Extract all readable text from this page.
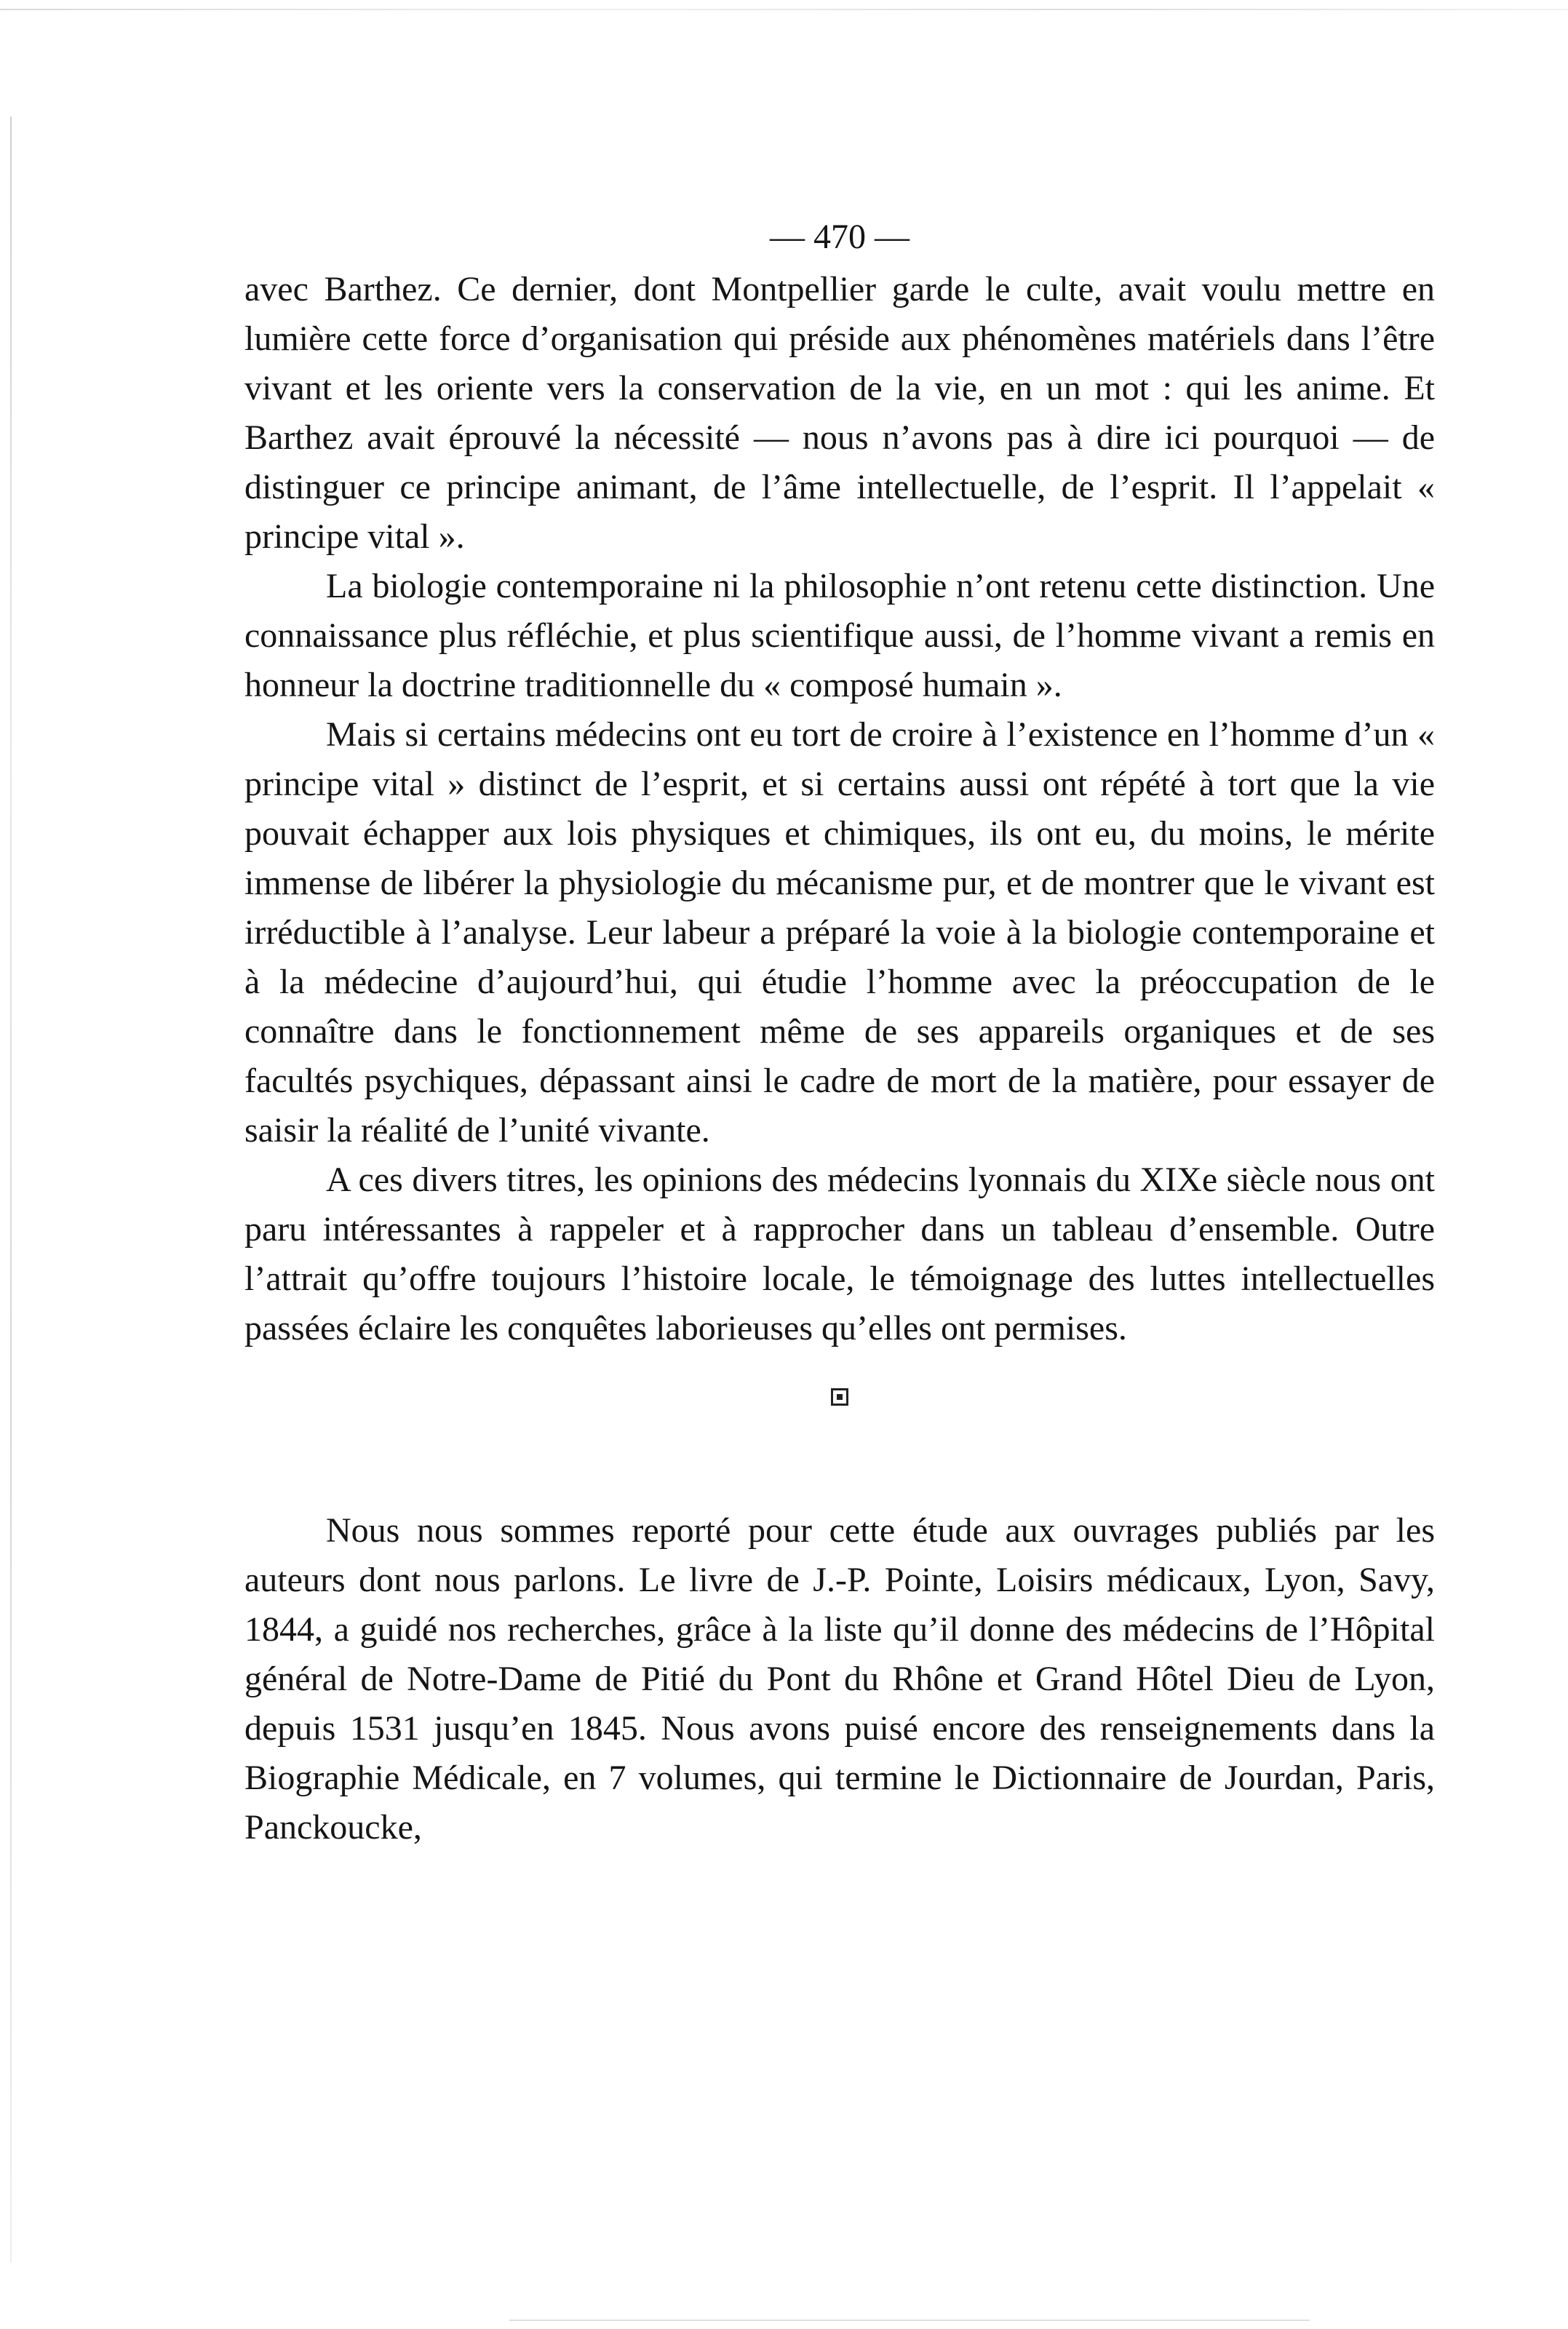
— 470 —

avec Barthez. Ce dernier, dont Montpellier garde le culte, avait voulu mettre en lumière cette force d’organisation qui préside aux phénomènes matériels dans l’être vivant et les oriente vers la conservation de la vie, en un mot : qui les anime. Et Barthez avait éprouvé la nécessité — nous n’avons pas à dire ici pourquoi — de distinguer ce principe animant, de l’âme intellectuelle, de l’esprit. Il l’appelait « principe vital ».

La biologie contemporaine ni la philosophie n’ont retenu cette distinction. Une connaissance plus réfléchie, et plus scientifique aussi, de l’homme vivant a remis en honneur la doctrine traditionnelle du « composé humain ».

Mais si certains médecins ont eu tort de croire à l’existence en l’homme d’un « principe vital » distinct de l’esprit, et si certains aussi ont répété à tort que la vie pouvait échapper aux lois physiques et chimiques, ils ont eu, du moins, le mérite immense de libérer la physiologie du mécanisme pur, et de montrer que le vivant est irréductible à l’analyse. Leur labeur a préparé la voie à la biologie contemporaine et à la médecine d’aujourd’hui, qui étudie l’homme avec la préoccupation de le connaître dans le fonctionnement même de ses appareils organiques et de ses facultés psychiques, dépassant ainsi le cadre de mort de la matière, pour essayer de saisir la réalité de l’unité vivante.

A ces divers titres, les opinions des médecins lyonnais du XIXe siècle nous ont paru intéressantes à rappeler et à rapprocher dans un tableau d’ensemble. Outre l’attrait qu’offre toujours l’histoire locale, le témoignage des luttes intellectuelles passées éclaire les conquêtes laborieuses qu’elles ont permises.

Nous nous sommes reporté pour cette étude aux ouvrages publiés par les auteurs dont nous parlons. Le livre de J.-P. Pointe, Loisirs médicaux, Lyon, Savy, 1844, a guidé nos recherches, grâce à la liste qu’il donne des médecins de l’Hôpital général de Notre-Dame de Pitié du Pont du Rhône et Grand Hôtel Dieu de Lyon, depuis 1531 jusqu’en 1845. Nous avons puisé encore des renseignements dans la Biographie Médicale, en 7 volumes, qui termine le Dictionnaire de Jourdan, Paris, Panckoucke,
